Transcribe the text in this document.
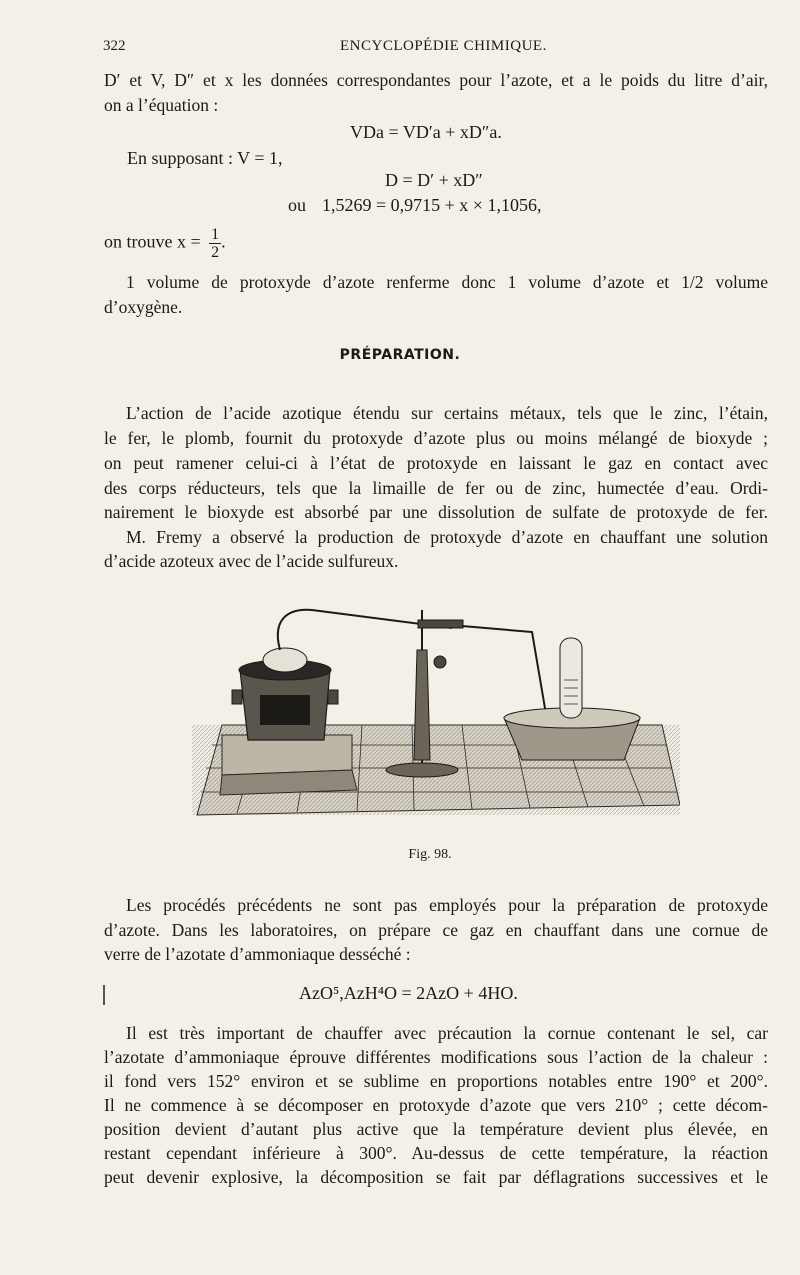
322	ENCYCLOPÉDIE CHIMIQUE.
D′ et V, D″ et x les données correspondantes pour l’azote, et a le poids du litre d’air,
on a l’équation :
VDa = VD′a + xD″a.
En supposant : V = 1,
D = D′ + xD″
ou 1,5269 = 0,9715 + x × 1,1056,
on trouve $x = \frac{1}{2}$ .
1 volume de protoxyde d’azote renferme donc 1 volume d’azote et 1/2 volume
d’oxygène.
PRÉPARATION.
L’action de l’acide azotique étendu sur certains métaux, tels que le zinc, l’étain,
le fer, le plomb, fournit du protoxyde d’azote plus ou moins mélangé de bioxyde ;
on peut ramener celui-ci à l’état de protoxyde en laissant le gaz en contact avec
des corps réducteurs, tels que la limaille de fer ou de zinc, humectée d’eau. Ordi-
nairement le bioxyde est absorbé par une dissolution de sulfate de protoxyde de fer.
M. Fremy a observé la production de protoxyde d’azote en chauffant une solution
d’acide azoteux avec de l’acide sulfureux.
Fig. 98.
Les procédés précédents ne sont pas employés pour la préparation de protoxyde
d’azote. Dans les laboratoires, on prépare ce gaz en chauffant dans une cornue de
verre de l’azotate d’ammoniaque desséché :
AzO⁵,AzH⁴O = 2AzO + 4HO.
Il est très important de chauffer avec précaution la cornue contenant le sel, car
l’azotate d’ammoniaque éprouve différentes modifications sous l’action de la chaleur :
il fond vers 152° environ et se sublime en proportions notables entre 190° et 200°.
Il ne commence à se décomposer en protoxyde d’azote que vers 210° ; cette décom-
position devient d’autant plus active que la température devient plus élevée, en
restant cependant inférieure à 300°. Au-dessus de cette température, la réaction
peut devenir explosive, la décomposition se fait par déflagrations successives et le
